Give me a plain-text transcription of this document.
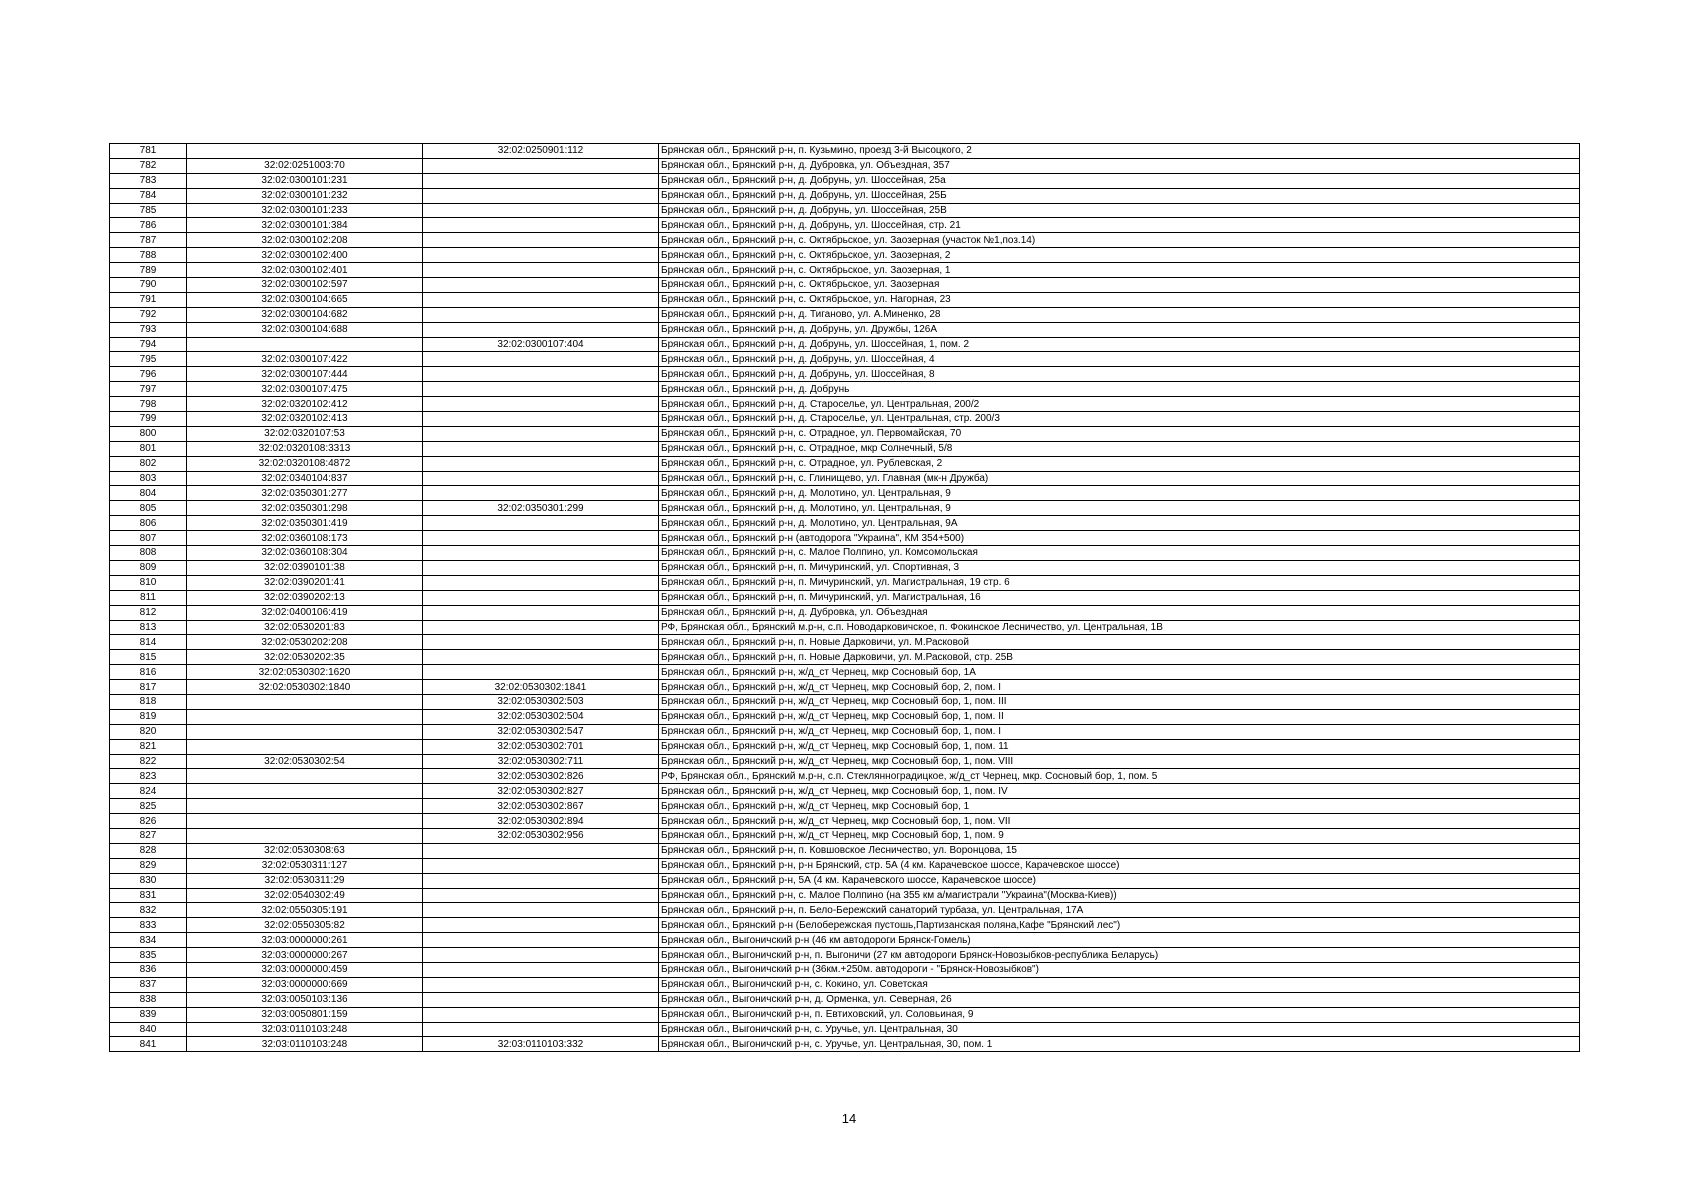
781		32:02:0250901:112	Брянская обл., Брянский р-н, п. Кузьмино, проезд 3-й Высоцкого, 2
782	32:02:0251003:70		Брянская обл., Брянский р-н, д. Дубровка, ул. Объездная, 357
783	32:02:0300101:231		Брянская обл., Брянский р-н, д. Добрунь, ул. Шоссейная, 25а
784	32:02:0300101:232		Брянская обл., Брянский р-н, д. Добрунь, ул. Шоссейная, 25Б
785	32:02:0300101:233		Брянская обл., Брянский р-н, д. Добрунь, ул. Шоссейная, 25В
786	32:02:0300101:384		Брянская обл., Брянский р-н, д. Добрунь, ул. Шоссейная, стр. 21
787	32:02:0300102:208		Брянская обл., Брянский р-н, с. Октябрьское, ул. Заозерная (участок №1,поз.14)
788	32:02:0300102:400		Брянская обл., Брянский р-н, с. Октябрьское, ул. Заозерная, 2
789	32:02:0300102:401		Брянская обл., Брянский р-н, с. Октябрьское, ул. Заозерная, 1
790	32:02:0300102:597		Брянская обл., Брянский р-н, с. Октябрьское, ул. Заозерная
791	32:02:0300104:665		Брянская обл., Брянский р-н, с. Октябрьское, ул. Нагорная, 23
792	32:02:0300104:682		Брянская обл., Брянский р-н, д. Тиганово, ул. А.Миненко, 28
793	32:02:0300104:688		Брянская обл., Брянский р-н, д. Добрунь, ул. Дружбы, 126А
794		32:02:0300107:404	Брянская обл., Брянский р-н, д. Добрунь, ул. Шоссейная, 1, пом. 2
795	32:02:0300107:422		Брянская обл., Брянский р-н, д. Добрунь, ул. Шоссейная, 4
796	32:02:0300107:444		Брянская обл., Брянский р-н, д. Добрунь, ул. Шоссейная, 8
797	32:02:0300107:475		Брянская обл., Брянский р-н, д. Добрунь
798	32:02:0320102:412		Брянская обл., Брянский р-н, д. Староселье, ул. Центральная, 200/2
799	32:02:0320102:413		Брянская обл., Брянский р-н, д. Староселье, ул. Центральная, стр. 200/3
800	32:02:0320107:53		Брянская обл., Брянский р-н, с. Отрадное, ул. Первомайская, 70
801	32:02:0320108:3313		Брянская обл., Брянский р-н, с. Отрадное, мкр Солнечный, 5/8
802	32:02:0320108:4872		Брянская обл., Брянский р-н, с. Отрадное, ул. Рублевская, 2
803	32:02:0340104:837		Брянская обл., Брянский р-н, с. Глинищево, ул. Главная (мк-н Дружба)
804	32:02:0350301:277		Брянская обл., Брянский р-н, д. Молотино, ул. Центральная, 9
805	32:02:0350301:298	32:02:0350301:299	Брянская обл., Брянский р-н, д. Молотино, ул. Центральная, 9
806	32:02:0350301:419		Брянская обл., Брянский р-н, д. Молотино, ул. Центральная, 9А
807	32:02:0360108:173		Брянская обл., Брянский р-н (автодорога "Украина", КМ 354+500)
808	32:02:0360108:304		Брянская обл., Брянский р-н, с. Малое Полпино, ул. Комсомольская
809	32:02:0390101:38		Брянская обл., Брянский р-н, п. Мичуринский, ул. Спортивная, 3
810	32:02:0390201:41		Брянская обл., Брянский р-н, п. Мичуринский, ул. Магистральная, 19 стр. 6
811	32:02:0390202:13		Брянская обл., Брянский р-н, п. Мичуринский, ул. Магистральная, 16
812	32:02:0400106:419		Брянская обл., Брянский р-н, д. Дубровка, ул. Объездная
813	32:02:0530201:83		РФ, Брянская обл., Брянский м.р-н, с.п. Новодарковичское, п. Фокинское Лесничество, ул. Центральная, 1В
814	32:02:0530202:208		Брянская обл., Брянский р-н, п. Новые Дарковичи, ул. М.Расковой
815	32:02:0530202:35		Брянская обл., Брянский р-н, п. Новые Дарковичи, ул. М.Расковой, стр. 25В
816	32:02:0530302:1620		Брянская обл., Брянский р-н, ж/д_ст Чернец, мкр Сосновый бор, 1А
817	32:02:0530302:1840	32:02:0530302:1841	Брянская обл., Брянский р-н, ж/д_ст Чернец, мкр Сосновый бор, 2, пом. I
818		32:02:0530302:503	Брянская обл., Брянский р-н, ж/д_ст Чернец, мкр Сосновый бор, 1, пом. III
819		32:02:0530302:504	Брянская обл., Брянский р-н, ж/д_ст Чернец, мкр Сосновый бор, 1, пом. II
820		32:02:0530302:547	Брянская обл., Брянский р-н, ж/д_ст Чернец, мкр Сосновый бор, 1, пом. I
821		32:02:0530302:701	Брянская обл., Брянский р-н, ж/д_ст Чернец, мкр Сосновый бор, 1, пом. 11
822	32:02:0530302:54	32:02:0530302:711	Брянская обл., Брянский р-н, ж/д_ст Чернец, мкр Сосновый бор, 1, пом. VIII
823		32:02:0530302:826	РФ, Брянская обл., Брянский м.р-н, с.п. Стеклянноградицкое, ж/д_ст Чернец, мкр. Сосновый бор, 1, пом. 5
824		32:02:0530302:827	Брянская обл., Брянский р-н, ж/д_ст Чернец, мкр Сосновый бор, 1, пом. IV
825		32:02:0530302:867	Брянская обл., Брянский р-н, ж/д_ст Чернец, мкр Сосновый бор, 1
826		32:02:0530302:894	Брянская обл., Брянский р-н, ж/д_ст Чернец, мкр Сосновый бор, 1, пом. VII
827		32:02:0530302:956	Брянская обл., Брянский р-н, ж/д_ст Чернец, мкр Сосновый бор, 1, пом. 9
828	32:02:0530308:63		Брянская обл., Брянский р-н, п. Ковшовское Лесничество, ул. Воронцова, 15
829	32:02:0530311:127		Брянская обл., Брянский р-н, р-н Брянский, стр. 5А (4 км. Карачевское шоссе, Карачевское шоссе)
830	32:02:0530311:29		Брянская обл., Брянский р-н, 5А (4 км. Карачевского шоссе, Карачевское шоссе)
831	32:02:0540302:49		Брянская обл., Брянский р-н, с. Малое Полпино (на 355 км а/магистрали "Украина"(Москва-Киев))
832	32:02:0550305:191		Брянская обл., Брянский р-н, п. Бело-Бережский санаторий турбаза, ул. Центральная, 17А
833	32:02:0550305:82		Брянская обл., Брянский р-н (Белобережская пустошь,Партизанская поляна,Кафе "Брянский лес")
834	32:03:0000000:261		Брянская обл., Выгоничский р-н (46 км автодороги Брянск-Гомель)
835	32:03:0000000:267		Брянская обл., Выгоничский р-н, п. Выгоничи (27 км автодороги Брянск-Новозыбков-республика Беларусь)
836	32:03:0000000:459		Брянская обл., Выгоничский р-н (36км.+250м. автодороги - "Брянск-Новозыбков")
837	32:03:0000000:669		Брянская обл., Выгоничский р-н, с. Кокино, ул. Советская
838	32:03:0050103:136		Брянская обл., Выгоничский р-н, д. Орменка, ул. Северная, 26
839	32:03:0050801:159		Брянская обл., Выгоничский р-н, п. Евтиховский, ул. Соловьиная, 9
840	32:03:0110103:248		Брянская обл., Выгоничский р-н, с. Уручье, ул. Центральная, 30
841	32:03:0110103:248	32:03:0110103:332	Брянская обл., Выгоничский р-н, с. Уручье, ул. Центральная, 30, пом. 1
14
